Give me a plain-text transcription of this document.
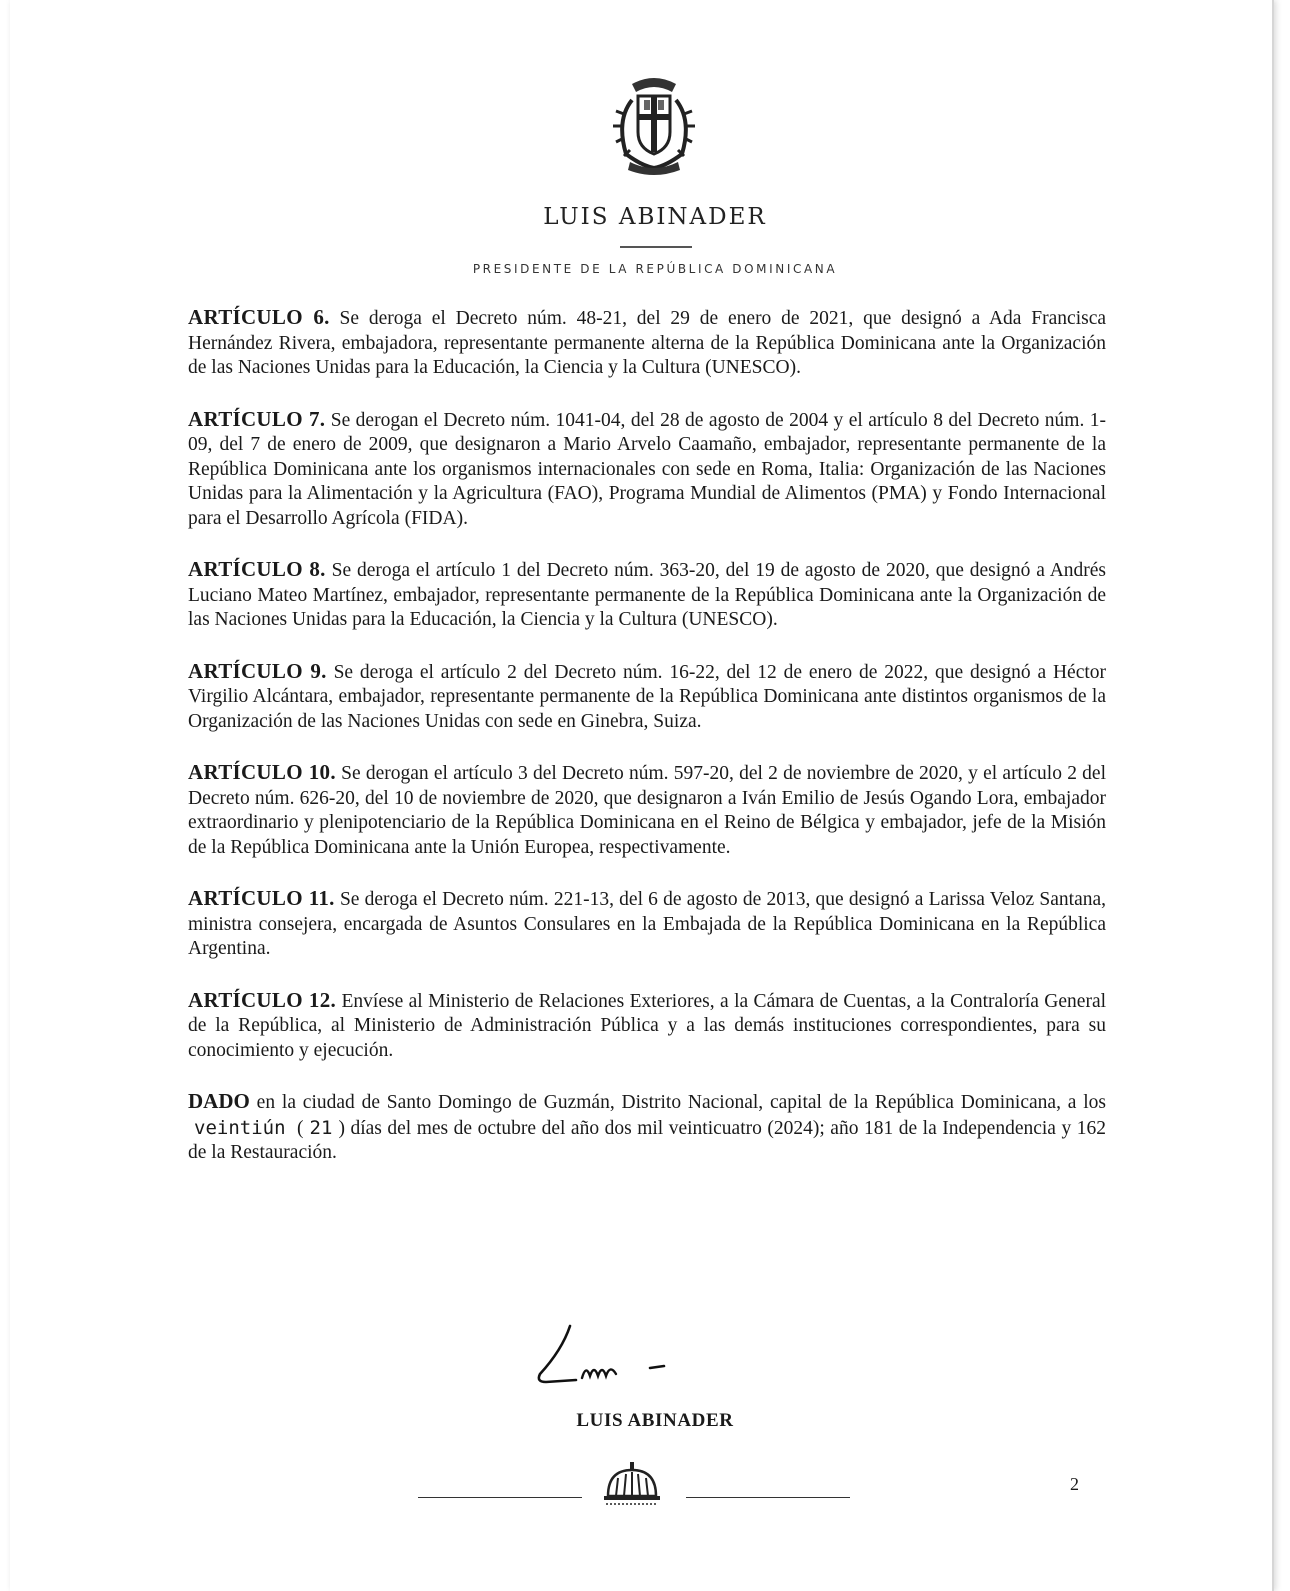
LUIS ABINADER
PRESIDENTE DE LA REPÚBLICA DOMINICANA

ARTÍCULO 6. Se deroga el Decreto núm. 48-21, del 29 de enero de 2021, que designó a Ada Francisca Hernández Rivera, embajadora, representante permanente alterna de la República Dominicana ante la Organización de las Naciones Unidas para la Educación, la Ciencia y la Cultura (UNESCO).

ARTÍCULO 7. Se derogan el Decreto núm. 1041-04, del 28 de agosto de 2004 y el artículo 8 del Decreto núm. 1-09, del 7 de enero de 2009, que designaron a Mario Arvelo Caamaño, embajador, representante permanente de la República Dominicana ante los organismos internacionales con sede en Roma, Italia: Organización de las Naciones Unidas para la Alimentación y la Agricultura (FAO), Programa Mundial de Alimentos (PMA) y Fondo Internacional para el Desarrollo Agrícola (FIDA).

ARTÍCULO 8. Se deroga el artículo 1 del Decreto núm. 363-20, del 19 de agosto de 2020, que designó a Andrés Luciano Mateo Martínez, embajador, representante permanente de la República Dominicana ante la Organización de las Naciones Unidas para la Educación, la Ciencia y la Cultura (UNESCO).

ARTÍCULO 9. Se deroga el artículo 2 del Decreto núm. 16-22, del 12 de enero de 2022, que designó a Héctor Virgilio Alcántara, embajador, representante permanente de la República Dominicana ante distintos organismos de la Organización de las Naciones Unidas con sede en Ginebra, Suiza.

ARTÍCULO 10. Se derogan el artículo 3 del Decreto núm. 597-20, del 2 de noviembre de 2020, y el artículo 2 del Decreto núm. 626-20, del 10 de noviembre de 2020, que designaron a Iván Emilio de Jesús Ogando Lora, embajador extraordinario y plenipotenciario de la República Dominicana en el Reino de Bélgica y embajador, jefe de la Misión de la República Dominicana ante la Unión Europea, respectivamente.

ARTÍCULO 11. Se deroga el Decreto núm. 221-13, del 6 de agosto de 2013, que designó a Larissa Veloz Santana, ministra consejera, encargada de Asuntos Consulares en la Embajada de la República Dominicana en la República Argentina.

ARTÍCULO 12. Envíese al Ministerio de Relaciones Exteriores, a la Cámara de Cuentas, a la Contraloría General de la República, al Ministerio de Administración Pública y a las demás instituciones correspondientes, para su conocimiento y ejecución.

DADO en la ciudad de Santo Domingo de Guzmán, Distrito Nacional, capital de la República Dominicana, a los veintiún ( 21 ) días del mes de octubre del año dos mil veinticuatro (2024); año 181 de la Independencia y 162 de la Restauración.

LUIS ABINADER
2
